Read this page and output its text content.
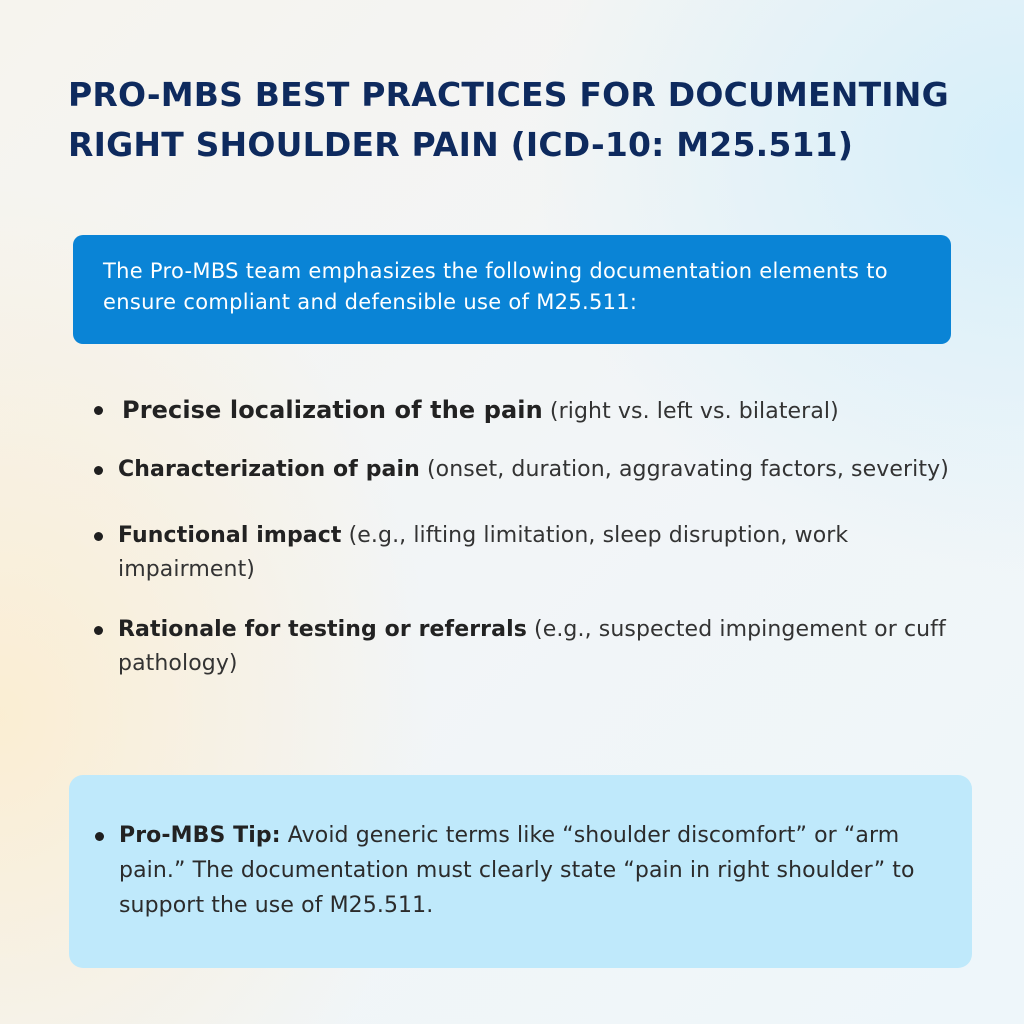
PRO-MBS BEST PRACTICES FOR DOCUMENTING
RIGHT SHOULDER PAIN (ICD-10: M25.511)

The Pro-MBS team emphasizes the following documentation elements to ensure compliant and defensible use of M25.511:

Precise localization of the pain (right vs. left vs. bilateral)
Characterization of pain (onset, duration, aggravating factors, severity)
Functional impact (e.g., lifting limitation, sleep disruption, work impairment)
Rationale for testing or referrals (e.g., suspected impingement or cuff pathology)
Pro-MBS Tip: Avoid generic terms like “shoulder discomfort” or “arm pain.” The documentation must clearly state “pain in right shoulder” to support the use of M25.511.
